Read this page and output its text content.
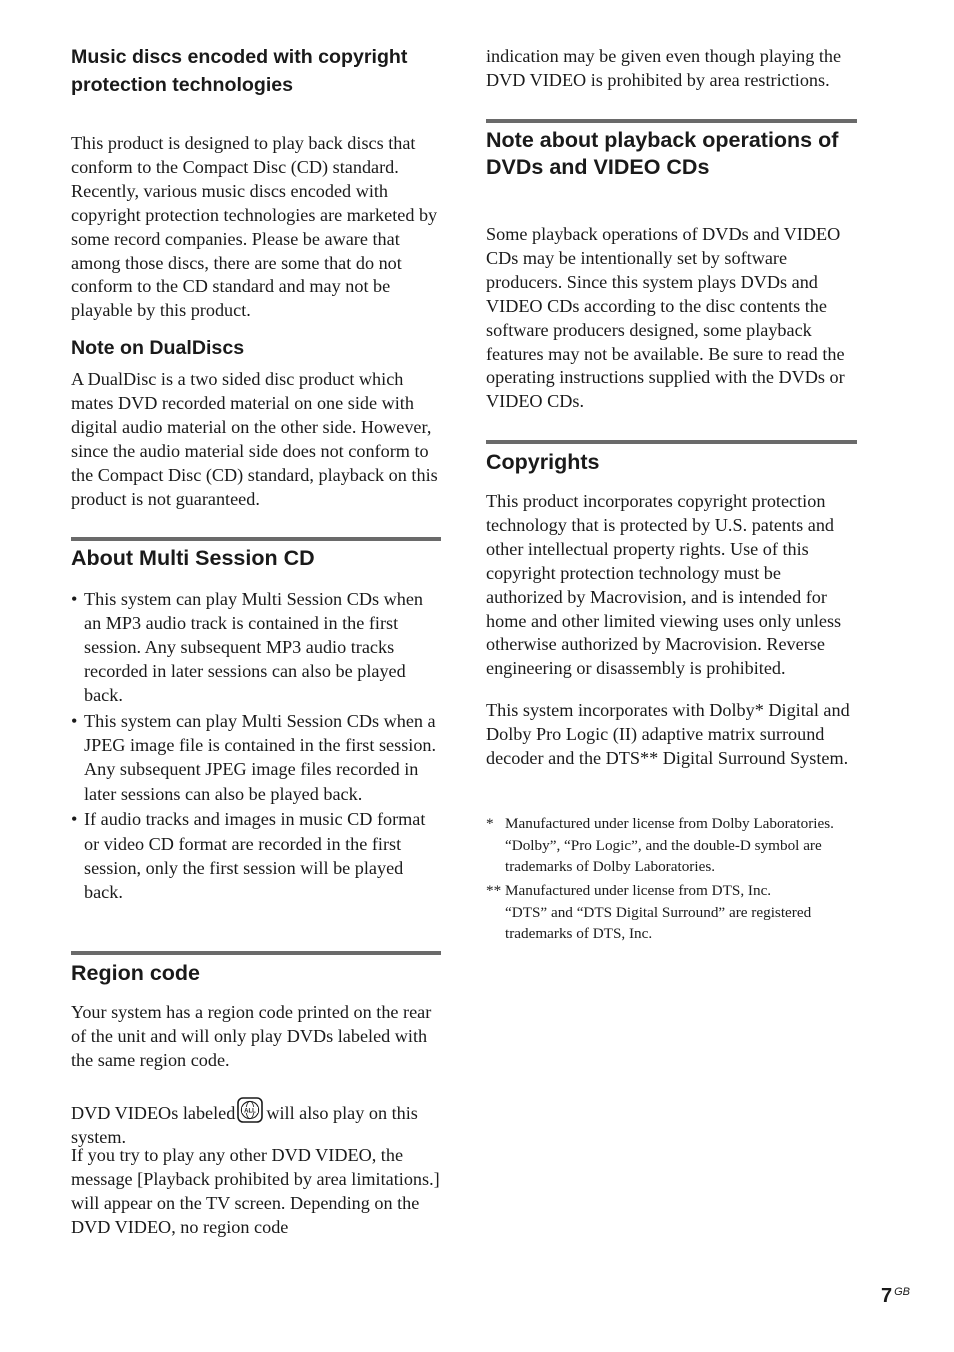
Music discs encoded with copyright protection technologies

This product is designed to play back discs that conform to the Compact Disc (CD) standard. Recently, various music discs encoded with copyright protection technologies are marketed by some record companies. Please be aware that among those discs, there are some that do not conform to the CD standard and may not be playable by this product.

Note on DualDiscs

A DualDisc is a two sided disc product which mates DVD recorded material on one side with digital audio material on the other side. However, since the audio material side does not conform to the Compact Disc (CD) standard, playback on this product is not guaranteed.

About Multi Session CD
• This system can play Multi Session CDs when an MP3 audio track is contained in the first session. Any subsequent MP3 audio tracks recorded in later sessions can also be played back.
• This system can play Multi Session CDs when a JPEG image file is contained in the first session. Any subsequent JPEG image files recorded in later sessions can also be played back.
• If audio tracks and images in music CD format or video CD format are recorded in the first session, only the first session will be played back.
Region code

Your system has a region code printed on the rear of the unit and will only play DVDs labeled with the same region code.

DVD VIDEOs labeled ALL will also play on this system.

If you try to play any other DVD VIDEO, the message [Playback prohibited by area limitations.] will appear on the TV screen. Depending on the DVD VIDEO, no region code

indication may be given even though playing the DVD VIDEO is prohibited by area restrictions.

Note about playback operations of DVDs and VIDEO CDs

Some playback operations of DVDs and VIDEO CDs may be intentionally set by software producers. Since this system plays DVDs and VIDEO CDs according to the disc contents the software producers designed, some playback features may not be available. Be sure to read the operating instructions supplied with the DVDs or VIDEO CDs.

Copyrights

This product incorporates copyright protection technology that is protected by U.S. patents and other intellectual property rights. Use of this copyright protection technology must be authorized by Macrovision, and is intended for home and other limited viewing uses only unless otherwise authorized by Macrovision. Reverse engineering or disassembly is prohibited.

This system incorporates with Dolby* Digital and Dolby Pro Logic (II) adaptive matrix surround decoder and the DTS** Digital Surround System.

* Manufactured under license from Dolby Laboratories.
“Dolby”, “Pro Logic”, and the double-D symbol are trademarks of Dolby Laboratories.
** Manufactured under license from DTS, Inc.
“DTS” and “DTS Digital Surround” are registered trademarks of DTS, Inc.
7 $^{GB}$
